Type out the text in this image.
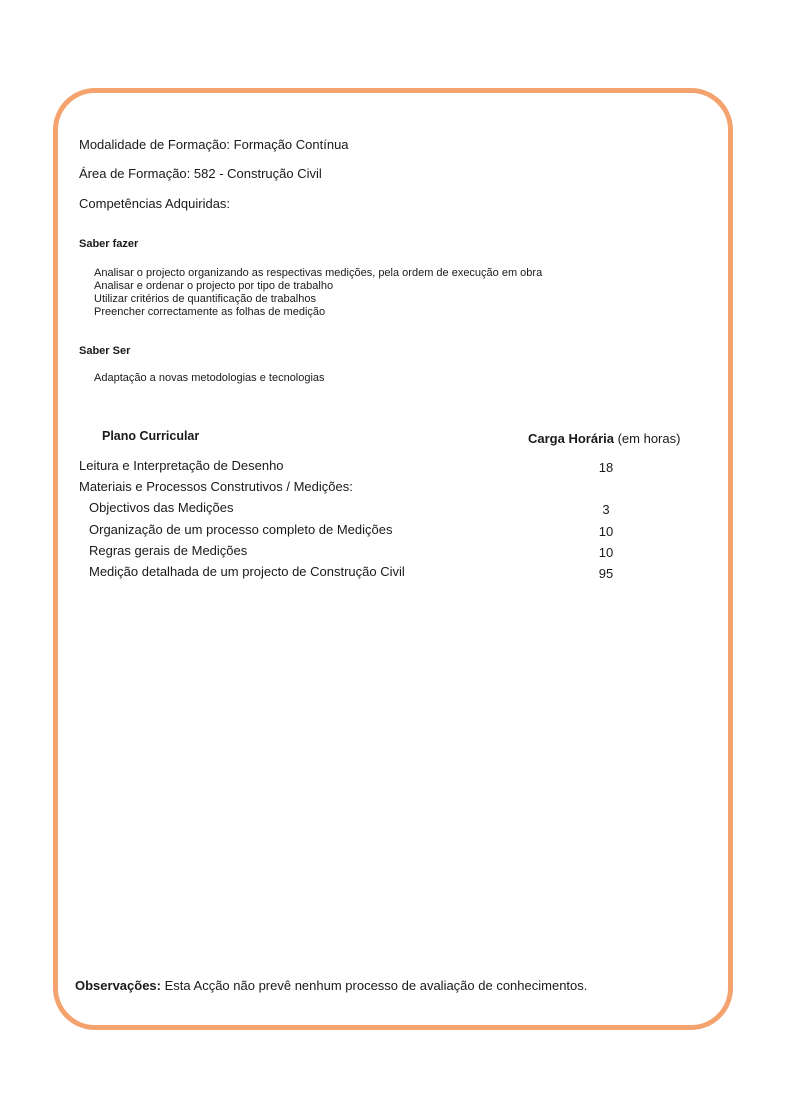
Modalidade de Formação: Formação Contínua

Área de Formação: 582 - Construção Civil

Competências Adquiridas:

Saber fazer

Analisar o projecto organizando as respectivas medições, pela ordem de execução em obra
Analisar e ordenar o projecto por tipo de trabalho
Utilizar critérios de quantificação de trabalhos
Preencher correctamente as folhas de medição

Saber Ser

Adaptação a novas metodologias e tecnologias

Plano Curricular	Carga Horária (em horas)

Leitura e Interpretação de Desenho	18

Materiais e Processos Construtivos / Medições:

Objectivos das Medições	3

Organização de um processo completo de Medições	10

Regras gerais de Medições	10

Medição detalhada de um projecto de Construção Civil	95

Observações: Esta Acção não prevê nenhum processo de avaliação de conhecimentos.
